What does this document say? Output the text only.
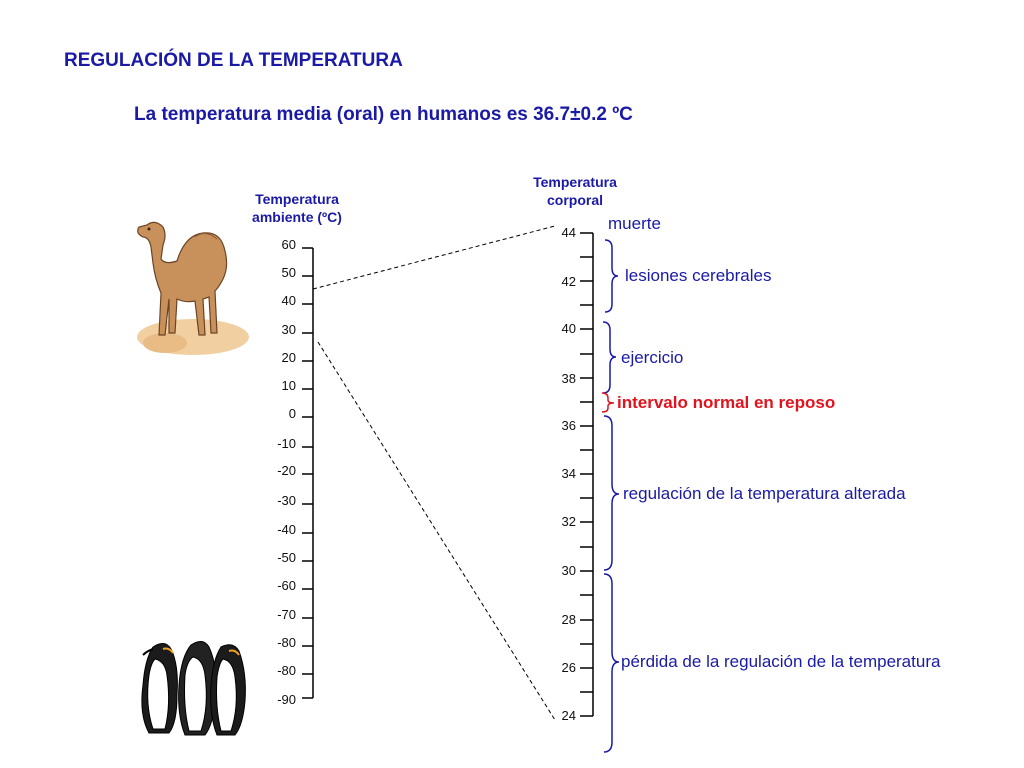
REGULACIÓN DE LA TEMPERATURA
La temperatura media (oral) en humanos es 36.7±0.2 ºC
Temperatura
ambiente (ºC)
Temperatura
corporal
60
50
40
30
20
10
0
-10
-20
-30
-40
-50
-60
-70
-80
-80
-90
44
42
40
38
36
34
32
30
28
26
24
muerte
lesiones cerebrales
ejercicio
intervalo normal en reposo
regulación de la temperatura alterada
pérdida de la regulación de la temperatura
